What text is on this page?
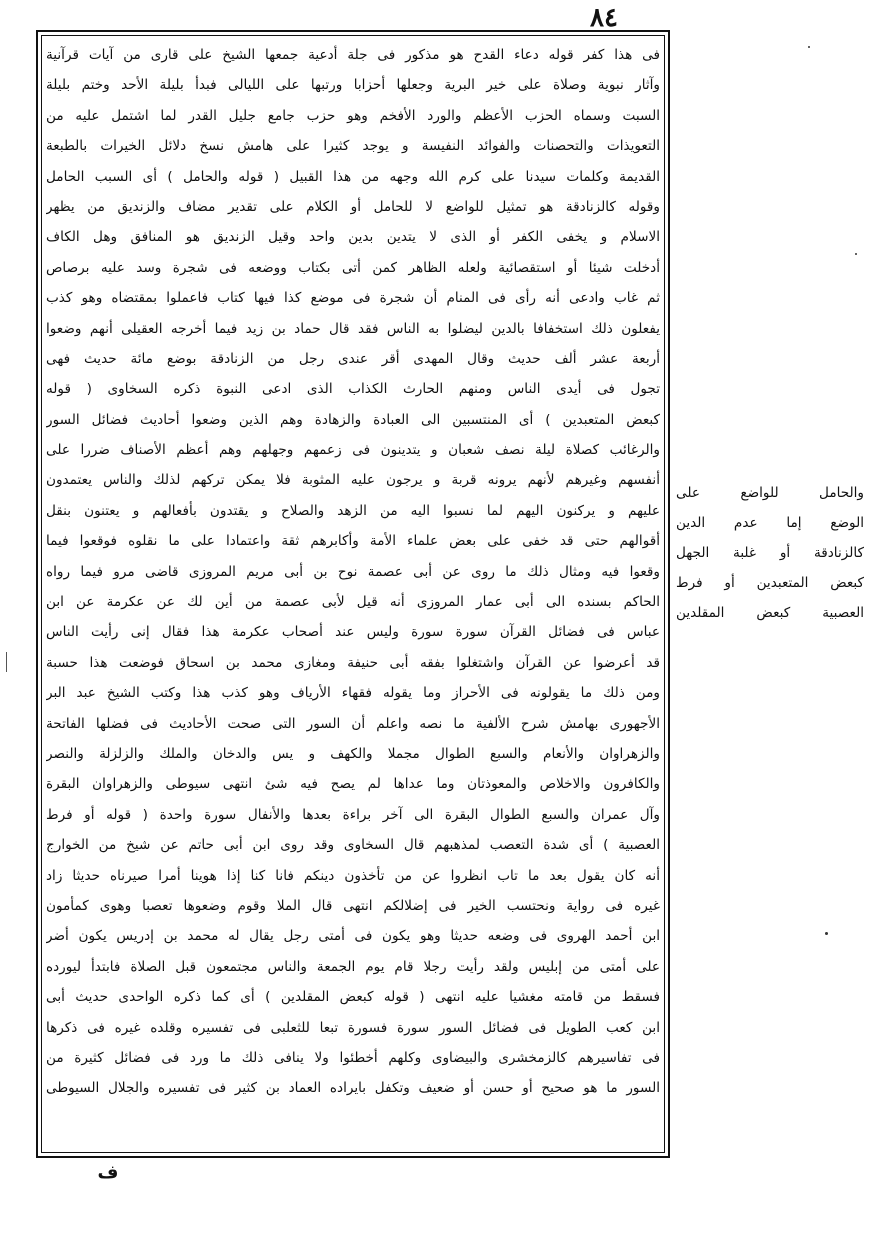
٨٤
فى هذا كفر قوله دعاء القدح هو مذكور فى جلة أدعية جمعها الشيخ على قارى من آيات قرآنية
وآثار نبوية وصلاة على خير البرية وجعلها أحزابا ورتبها على الليالى فبدأ بليلة الأحد وختم بليلة
السبت وسماه الحزب الأعظم والورد الأفخم وهو حزب جامع جليل القدر لما اشتمل عليه من
التعويذات والتحصنات والفوائد النفيسة و يوجد كثيرا على هامش نسخ دلائل الخيرات بالطبعة
القديمة وكلمات سيدنا على كرم الله وجهه من هذا القبيل ( قوله والحامل ) أى السبب الحامل
وقوله كالزنادقة هو تمثيل للواضع لا للحامل أو الكلام على تقدير مضاف والزنديق من يظهر
الاسلام و يخفى الكفر أو الذى لا يتدين بدين واحد وقيل الزنديق هو المنافق وهل الكاف
أدخلت شيئا أو استقصائية ولعله الظاهر كمن أتى بكتاب ووضعه فى شجرة وسد عليه برصاص
ثم غاب وادعى أنه رأى فى المنام أن شجرة فى موضع كذا فيها كتاب فاعملوا بمقتضاه وهو كذب
يفعلون ذلك استخفافا بالدين ليضلوا به الناس فقد قال حماد بن زيد فيما أخرجه العقيلى أنهم وضعوا
أربعة عشر ألف حديث وقال المهدى أقر عندى رجل من الزنادقة بوضع مائة حديث فهى
تجول فى أيدى الناس ومنهم الحارث الكذاب الذى ادعى النبوة ذكره السخاوى ( قوله
كبعض المتعبدين ) أى المنتسبين الى العبادة والزهادة وهم الذين وضعوا أحاديث فضائل السور
والرغائب كصلاة ليلة نصف شعبان و يتدينون فى زعمهم وجهلهم وهم أعظم الأصناف ضررا على
أنفسهم وغيرهم لأنهم يرونه قربة و يرجون عليه المثوبة فلا يمكن تركهم لذلك والناس يعتمدون
عليهم و يركنون اليهم لما نسبوا اليه من الزهد والصلاح و يقتدون بأفعالهم و يعتنون بنقل
أقوالهم حتى قد خفى على بعض علماء الأمة وأكابرهم ثقة واعتمادا على ما نقلوه فوقعوا فيما
وقعوا فيه ومثال ذلك ما روى عن أبى عصمة نوح بن أبى مريم المروزى قاضى مرو فيما رواه
الحاكم بسنده الى أبى عمار المروزى أنه قيل لأبى عصمة من أين لك عن عكرمة عن ابن
عباس فى فضائل القرآن سورة سورة وليس عند أصحاب عكرمة هذا فقال إنى رأيت الناس
قد أعرضوا عن القرآن واشتغلوا بفقه أبى حنيفة ومغازى محمد بن اسحاق فوضعت هذا حسبة
ومن ذلك ما يقولونه فى الأحراز وما يقوله فقهاء الأرياف وهو كذب هذا وكتب الشيخ عبد البر
الأجهورى بهامش شرح الألفية ما نصه واعلم أن السور التى صحت الأحاديث فى فضلها الفاتحة
والزهراوان والأنعام والسبع الطوال مجملا والكهف و يس والدخان والملك والزلزلة والنصر
والكافرون والاخلاص والمعوذتان وما عداها لم يصح فيه شئ انتهى سيوطى والزهراوان البقرة
وآل عمران والسبع الطوال البقرة الى آخر براءة بعدها والأنفال سورة واحدة ( قوله أو فرط
العصبية ) أى شدة التعصب لمذهبهم قال السخاوى وقد روى ابن أبى حاتم عن شيخ من الخوارج
أنه كان يقول بعد ما تاب انظروا عن من تأخذون دينكم فانا كنا إذا هوينا أمرا صيرناه حديثا زاد
غيره فى رواية ونحتسب الخير فى إضلالكم انتهى قال الملا وقوم وضعوها تعصبا وهوى كمأمون
ابن أحمد الهروى فى وضعه حديثا وهو يكون فى أمتى رجل يقال له محمد بن إدريس يكون أضر
على أمتى من إبليس ولقد رأيت رجلا قام يوم الجمعة والناس مجتمعون قبل الصلاة فابتدأ ليورده
فسقط من قامته مغشيا عليه انتهى ( قوله كبعض المقلدين ) أى كما ذكره الواحدى حديث أبى
ابن كعب الطويل فى فضائل السور سورة فسورة تبعا للثعلبى فى تفسيره وقلده غيره فى ذكرها
فى تفاسيرهم كالزمخشرى والبيضاوى وكلهم أخطئوا ولا ينافى ذلك ما ورد فى فضائل كثيرة من
السور ما هو صحيح أو حسن أو ضعيف وتكفل بايراده العماد بن كثير فى تفسيره والجلال السيوطى
والحامل للواضع على
الوضع إما عدم الدين
كالزنادقة أو غلبة الجهل
كبعض المتعبدين أو فرط
العصبية كبعض المقلدين
ف
